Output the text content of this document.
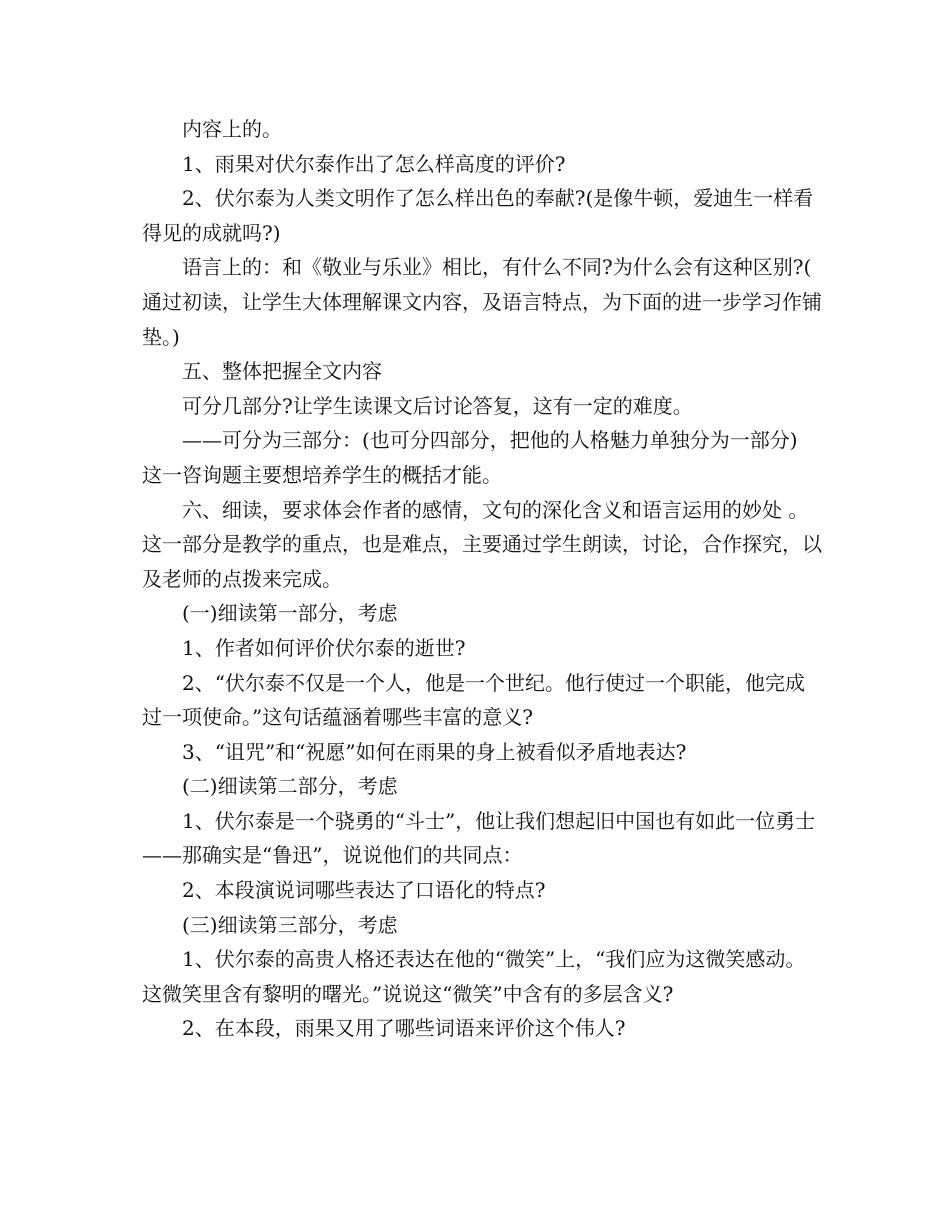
内容上的。

1、雨果对伏尔泰作出了怎么样高度的评价?

2、伏尔泰为人类文明作了怎么样出色的奉献?(是像牛顿，爱迪生一样看得见的成就吗?)

语言上的：和《敬业与乐业》相比，有什么不同?为什么会有这种区别?( 通过初读，让学生大体理解课文内容，及语言特点，为下面的进一步学习作铺垫。)

五、整体把握全文内容

可分几部分?让学生读课文后讨论答复，这有一定的难度。

——可分为三部分：(也可分四部分，把他的人格魅力单独分为一部分) 这一咨询题主要想培养学生的概括才能。

六、细读，要求体会作者的感情，文句的深化含义和语言运用的妙处 。这一部分是教学的重点，也是难点，主要通过学生朗读，讨论，合作探究，以及老师的点拨来完成。

(一)细读第一部分，考虑

1、作者如何评价伏尔泰的逝世?

2、“伏尔泰不仅是一个人，他是一个世纪。他行使过一个职能，他完成过一项使命。”这句话蕴涵着哪些丰富的意义?

3、“诅咒”和“祝愿”如何在雨果的身上被看似矛盾地表达?

(二)细读第二部分，考虑

1、伏尔泰是一个骁勇的“斗士”，他让我们想起旧中国也有如此一位勇士——那确实是“鲁迅”，说说他们的共同点：

2、本段演说词哪些表达了口语化的特点?

(三)细读第三部分，考虑

1、伏尔泰的高贵人格还表达在他的“微笑”上，“我们应为这微笑感动。这微笑里含有黎明的曙光。”说说这“微笑”中含有的多层含义?

2、在本段，雨果又用了哪些词语来评价这个伟人?
